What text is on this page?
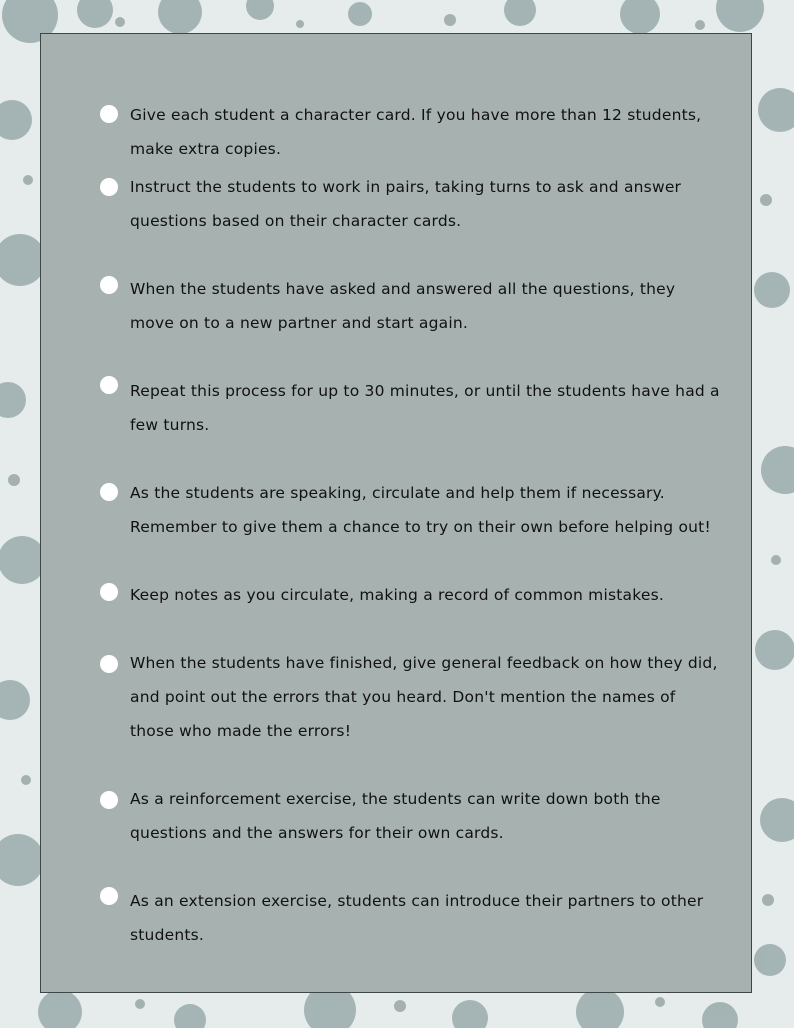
Give each student a character card. If you have more than 12 students, make extra copies.
Instruct the students to work in pairs, taking turns to ask and answer questions based on their character cards.
When the students have asked and answered all the questions, they move on to a new partner and start again.
Repeat this process for up to 30 minutes, or until the students have had a few turns.
As the students are speaking, circulate and help them if necessary. Remember to give them a chance to try on their own before helping out!
Keep notes as you circulate, making a record of common mistakes.
When the students have finished, give general feedback on how they did, and point out the errors that you heard. Don't mention the names of those who made the errors!
As a reinforcement exercise, the students can write down both the questions and the answers for their own cards.
As an extension exercise, students can introduce their partners to other students.
